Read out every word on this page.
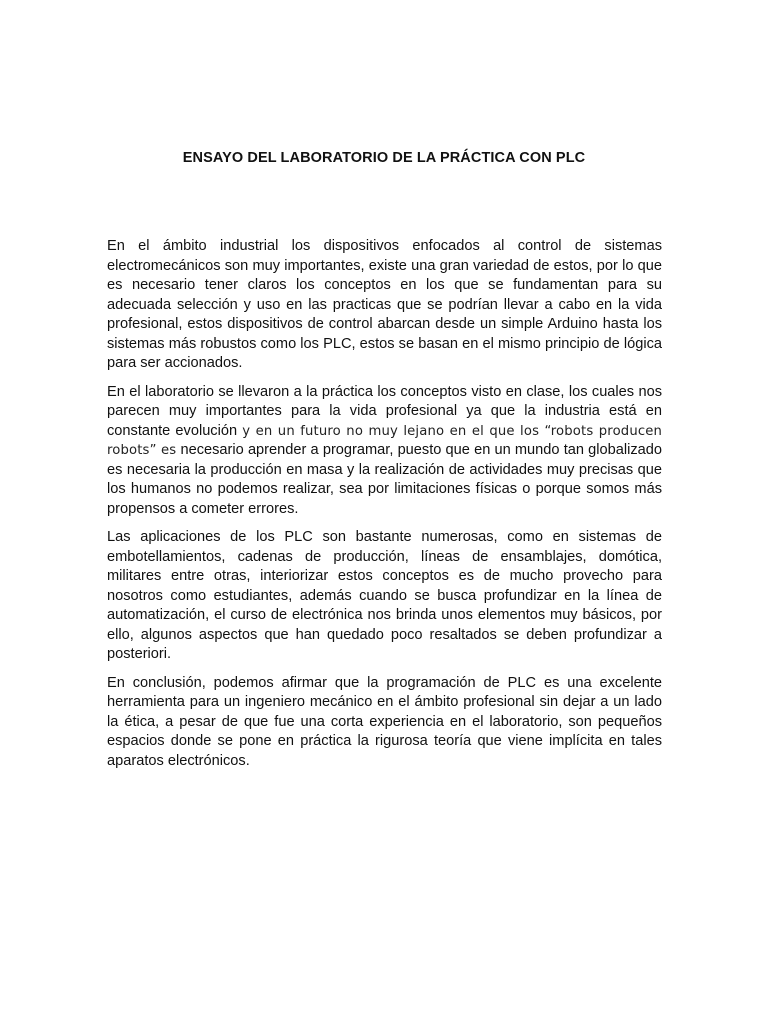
ENSAYO DEL LABORATORIO DE LA PRÁCTICA CON PLC

En el ámbito industrial los dispositivos enfocados al control de sistemas electromecánicos son muy importantes, existe una gran variedad de estos, por lo que es necesario tener claros los conceptos en los que se fundamentan para su adecuada selección y uso en las practicas que se podrían llevar a cabo en la vida profesional, estos dispositivos de control abarcan desde un simple Arduino hasta los sistemas más robustos como los PLC, estos se basan en el mismo principio de lógica para ser accionados.

En el laboratorio se llevaron a la práctica los conceptos visto en clase, los cuales nos parecen muy importantes para la vida profesional ya que la industria está en constante evolución y en un futuro no muy lejano en el que los “robots producen robots” es necesario aprender a programar, puesto que en un mundo tan globalizado es necesaria la producción en masa y la realización de actividades muy precisas que los humanos no podemos realizar, sea por limitaciones físicas o porque somos más propensos a cometer errores.

Las aplicaciones de los PLC son bastante numerosas, como en sistemas de embotellamientos, cadenas de producción, líneas de ensamblajes, domótica, militares entre otras, interiorizar estos conceptos es de mucho provecho para nosotros como estudiantes, además cuando se busca profundizar en la línea de automatización, el curso de electrónica nos brinda unos elementos muy básicos, por ello, algunos aspectos que han quedado poco resaltados se deben profundizar a posteriori.

En conclusión, podemos afirmar que la programación de PLC es una excelente herramienta para un ingeniero mecánico en el ámbito profesional sin dejar a un lado la ética, a pesar de que fue una corta experiencia en el laboratorio, son pequeños espacios donde se pone en práctica la rigurosa teoría que viene implícita en tales aparatos electrónicos.
